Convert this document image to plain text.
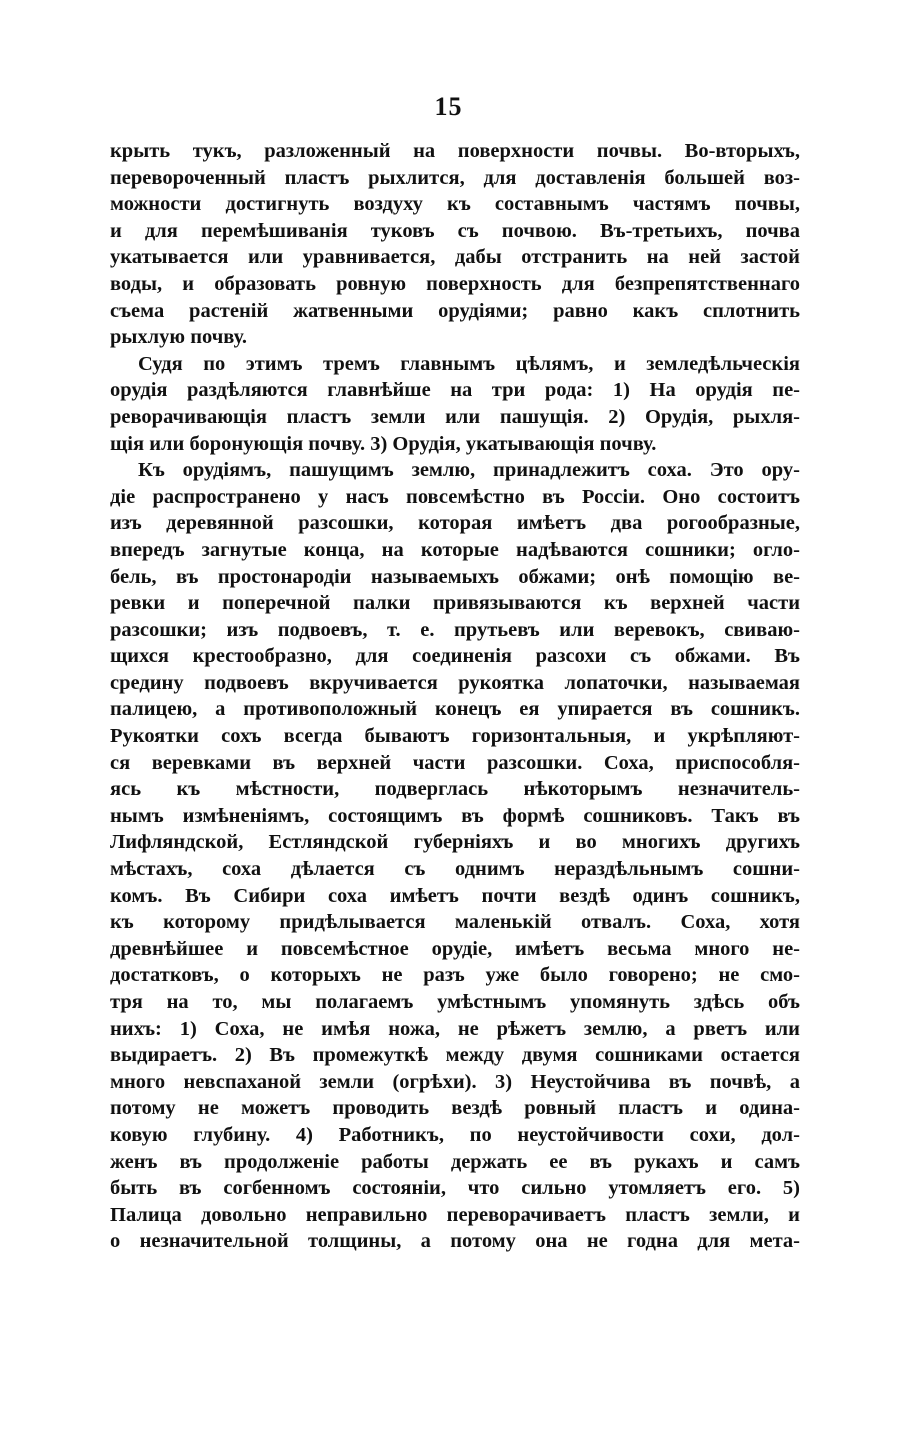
15
крыть тукъ, разложенный на поверхности почвы. Во-вторыхъ,
перевороченный пластъ рыхлится, для доставленія большей воз-
можности достигнуть воздуху къ составнымъ частямъ почвы,
и для перемѣшиванія туковъ съ почвою. Въ-третьихъ, почва
укатывается или уравнивается, дабы отстранить на ней застой
воды, и образовать ровную поверхность для безпрепятственнаго
съема растеній жатвенными орудіями; равно какъ сплотнить
рыхлую почву.
Судя по этимъ тремъ главнымъ цѣлямъ, и земледѣльческія
орудія раздѣляются главнѣйше на три рода: 1) На орудія пе-
реворачивающія пластъ земли или пашущія. 2) Орудія, рыхля-
щія или боронующія почву. 3) Орудія, укатывающія почву.
Къ орудіямъ, пашущимъ землю, принадлежитъ соха. Это ору-
діе распространено у насъ повсемѣстно въ Россіи. Оно состоитъ
изъ деревянной разсошки, которая имѣетъ два рогообразные,
впередъ загнутые конца, на которые надѣваются сошники; огло-
бель, въ простонародіи называемыхъ обжами; онѣ помощію ве-
ревки и поперечной палки привязываются къ верхней части
разсошки; изъ подвоевъ, т. е. прутьевъ или веревокъ, свиваю-
щихся крестообразно, для соединенія разсохи съ обжами. Въ
средину подвоевъ вкручивается рукоятка лопаточки, называемая
палицею, а противоположный конецъ ея упирается въ сошникъ.
Рукоятки сохъ всегда бываютъ горизонтальныя, и укрѣпляют-
ся веревками въ верхней части разсошки. Соха, приспособля-
ясь къ мѣстности, подверглась нѣкоторымъ незначитель-
нымъ измѣненіямъ, состоящимъ въ формѣ сошниковъ. Такъ въ
Лифляндской, Естляндской губерніяхъ и во многихъ другихъ
мѣстахъ, соха дѣлается съ однимъ нераздѣльнымъ сошни-
комъ. Въ Сибири соха имѣетъ почти вездѣ одинъ сошникъ,
къ которому придѣлывается маленькій отвалъ. Соха, хотя
древнѣйшее и повсемѣстное орудіе, имѣетъ весьма много не-
достатковъ, о которыхъ не разъ уже было говорено; не смо-
тря на то, мы полагаемъ умѣстнымъ упомянуть здѣсь объ
нихъ: 1) Соха, не имѣя ножа, не рѣжетъ землю, а рветъ или
выдираетъ. 2) Въ промежуткѣ между двумя сошниками остается
много невспаханой земли (огрѣхи). 3) Неустойчива въ почвѣ, а
потому не можетъ проводить вездѣ ровный пластъ и одина-
ковую глубину. 4) Работникъ, по неустойчивости сохи, дол-
женъ въ продолженіе работы держать ее въ рукахъ и самъ
быть въ согбенномъ состояніи, что сильно утомляетъ его. 5)
Палица довольно неправильно переворачиваетъ пластъ земли, и
о незначительной толщины, а потому она не годна для мета-
